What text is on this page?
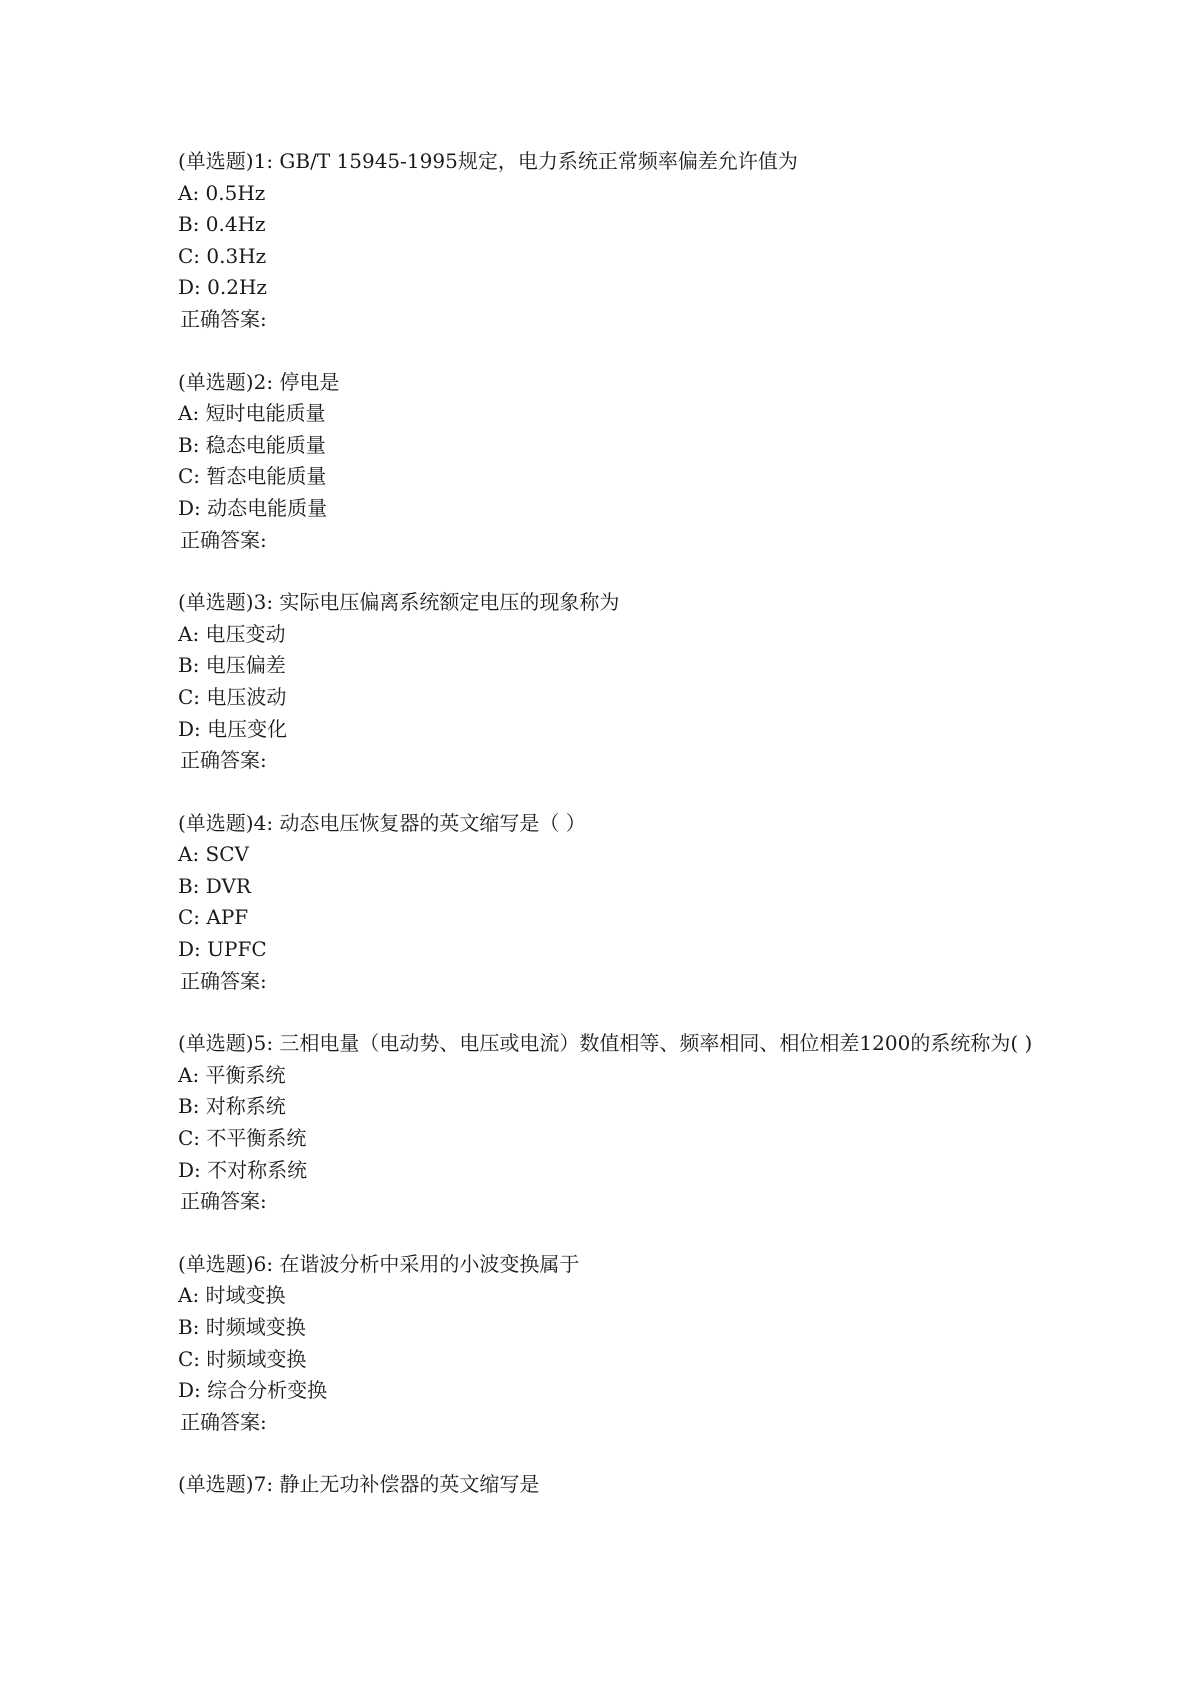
(单选题)1: GB/T 15945-1995规定，电力系统正常频率偏差允许值为
A: 0.5Hz
B: 0.4Hz
C: 0.3Hz
D: 0.2Hz
正确答案:
(单选题)2: 停电是
A: 短时电能质量
B: 稳态电能质量
C: 暂态电能质量
D: 动态电能质量
正确答案:
(单选题)3: 实际电压偏离系统额定电压的现象称为
A: 电压变动
B: 电压偏差
C: 电压波动
D: 电压变化
正确答案:
(单选题)4: 动态电压恢复器的英文缩写是（ ）
A: SCV
B: DVR
C: APF
D: UPFC
正确答案:
(单选题)5: 三相电量（电动势、电压或电流）数值相等、频率相同、相位相差1200的系统称为( )
A: 平衡系统
B: 对称系统
C: 不平衡系统
D: 不对称系统
正确答案:
(单选题)6: 在谐波分析中采用的小波变换属于
A: 时域变换
B: 时频域变换
C: 时频域变换
D: 综合分析变换
正确答案:
(单选题)7: 静止无功补偿器的英文缩写是
